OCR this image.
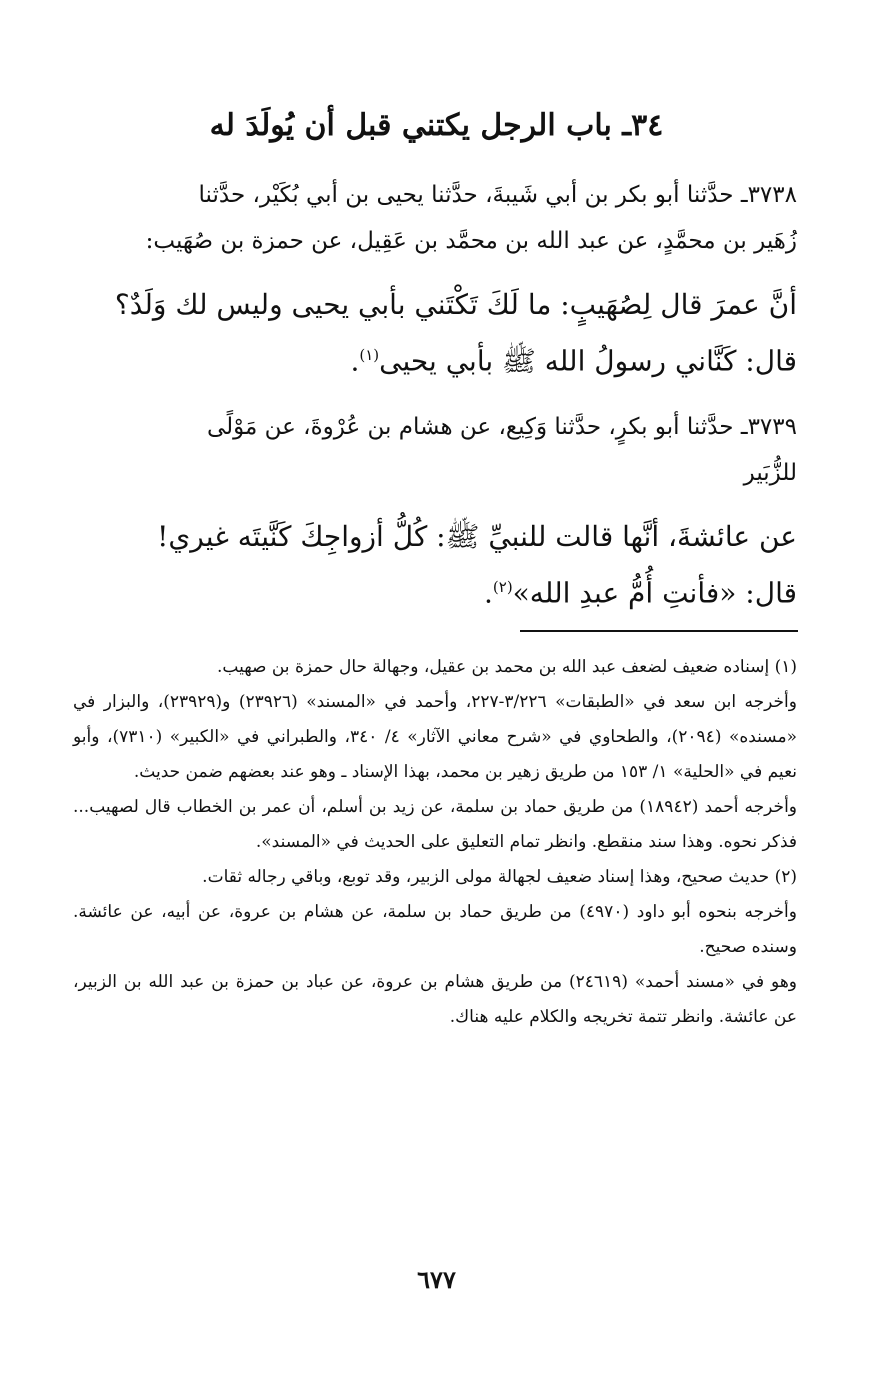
٣٤ـ باب الرجل يكتني قبل أن يُولَدَ له

٣٧٣٨ـ حدَّثنا أبو بكر بن أبي شَيبةَ، حدَّثنا يحيى بن أبي بُكَيْر، حدَّثنا

زُهَير بن محمَّدٍ، عن عبد الله بن محمَّد بن عَقِيل، عن حمزة بن صُهَيب:

أنَّ عمرَ قال لِصُهَيبٍ: ما لَكَ تَكْتَني بأبي يحيى وليس لك وَلَدٌ؟

قال: كَنَّاني رسولُ الله ﷺ بأبي يحيى$^{(١)}$.

٣٧٣٩ـ حدَّثنا أبو بكرٍ، حدَّثنا وَكِيع، عن هشام بن عُرْوةَ، عن مَوْلًى

للزُّبَير

عن عائشةَ، أنَّها قالت للنبيِّ ﷺ: كُلُّ أزواجِكَ كَنَّيتَه غيري!

قال: «فأنتِ أُمُّ عبدِ الله»$^{(٢)}$.

(١) إسناده ضعيف لضعف عبد الله بن محمد بن عقيل، وجهالة حال حمزة بن صهيب.

وأخرجه ابن سعد في «الطبقات» ٣/٢٢٦-٢٢٧، وأحمد في «المسند» (٢٣٩٢٦) و(٢٣٩٢٩)، والبزار في «مسنده» (٢٠٩٤)، والطحاوي في «شرح معاني الآثار» ٤/ ٣٤٠، والطبراني في «الكبير» (٧٣١٠)، وأبو نعيم في «الحلية» ١/ ١٥٣ من طريق زهير بن محمد، بهذا الإسناد ـ وهو عند بعضهم ضمن حديث.

وأخرجه أحمد (١٨٩٤٢) من طريق حماد بن سلمة، عن زيد بن أسلم، أن عمر بن الخطاب قال لصهيب... فذكر نحوه. وهذا سند منقطع. وانظر تمام التعليق على الحديث في «المسند».

(٢) حديث صحيح، وهذا إسناد ضعيف لجهالة مولى الزبير، وقد توبع، وباقي رجاله ثقات.

وأخرجه بنحوه أبو داود (٤٩٧٠) من طريق حماد بن سلمة، عن هشام بن عروة، عن أبيه، عن عائشة. وسنده صحيح.

وهو في «مسند أحمد» (٢٤٦١٩) من طريق هشام بن عروة، عن عباد بن حمزة بن عبد الله بن الزبير، عن عائشة. وانظر تتمة تخريجه والكلام عليه هناك.

٦٧٧
